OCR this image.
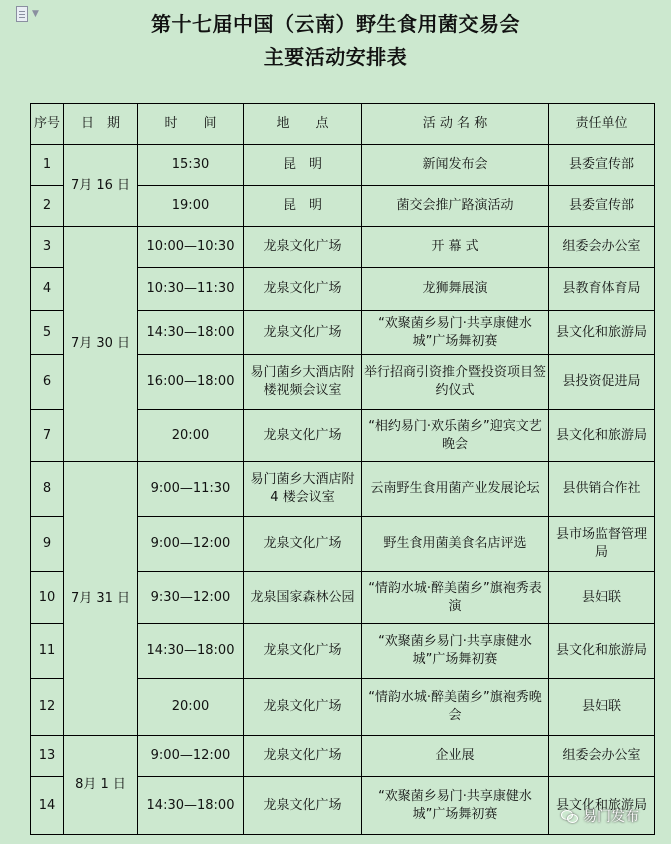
▼	第十七届中国（云南）野生食用菌交易会
主要活动安排表
序号	日　期	时　　间	地　　点	活 动 名 称	责任单位
1	7月 16 日	15:30	昆　明	新闻发布会	县委宣传部
2		19:00	昆　明	菌交会推广路演活动	县委宣传部
3	7月 30 日	10:00—10:30	龙泉文化广场	开 幕 式	组委会办公室
4		10:30—11:30	龙泉文化广场	龙狮舞展演	县教育体育局
5		14:30—18:00	龙泉文化广场	“欢聚菌乡易门·共享康健水城”广场舞初赛	县文化和旅游局
6		16:00—18:00	易门菌乡大酒店附楼视频会议室	举行招商引资推介暨投资项目签约仪式	县投资促进局
7		20:00	龙泉文化广场	“相约易门·欢乐菌乡”迎宾文艺晚会	县文化和旅游局
8	7月 31 日	9:00—11:30	易门菌乡大酒店附 4 楼会议室	云南野生食用菌产业发展论坛	县供销合作社
9		9:00—12:00	龙泉文化广场	野生食用菌美食名店评选	县市场监督管理局
10		9:30—12:00	龙泉国家森林公园	“情韵水城·醉美菌乡”旗袍秀表演	县妇联
11		14:30—18:00	龙泉文化广场	“欢聚菌乡易门·共享康健水城”广场舞初赛	县文化和旅游局
12		20:00	龙泉文化广场	“情韵水城·醉美菌乡”旗袍秀晚会	县妇联
13	8月 1 日	9:00—12:00	龙泉文化广场	企业展	组委会办公室
14		14:30—18:00	龙泉文化广场	“欢聚菌乡易门·共享康健水城”广场舞初赛	县文化和旅游局
易门发布
